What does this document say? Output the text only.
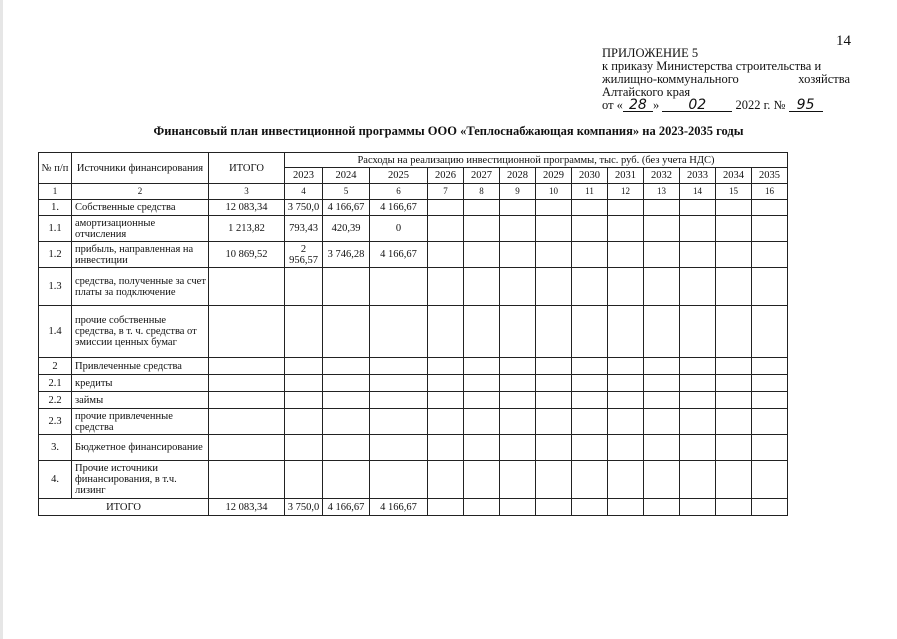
14
ПРИЛОЖЕНИЕ 5
к приказу Министерства строительства и
жилищно-коммунального	хозяйства
Алтайского края
от « 28 » 02 2022 г. № 95
Финансовый план инвестиционной программы ООО «Теплоснабжающая компания» на 2023-2035 годы
№ п/п	Источники финансирования	ИТОГО	Расходы на реализацию инвестиционной программы, тыс. руб. (без учета НДС)												
			2023	2024	2025	2026	2027	2028	2029	2030	2031	2032	2033	2034	2035
1	2	3	4	5	6	7	8	9	10	11	12	13	14	15	16
1.	Собственные средства	12 083,34	3 750,0	4 166,67	4 166,67										
1.1	амортизационные отчисления	1 213,82	793,43	420,39	0										
1.2	прибыль, направленная на инвестиции	10 869,52	2 956,57	3 746,28	4 166,67										
1.3	средства, полученные за счет платы за подключение														
1.4	прочие собственные средства, в т. ч. средства от эмиссии ценных бумаг														
2	Привлеченные средства														
2.1	кредиты														
2.2	займы														
2.3	прочие привлеченные средства														
3.	Бюджетное финансирование														
4.	Прочие источники финансирования, в т.ч. лизинг														
ИТОГО		12 083,34	3 750,0	4 166,67	4 166,67										
